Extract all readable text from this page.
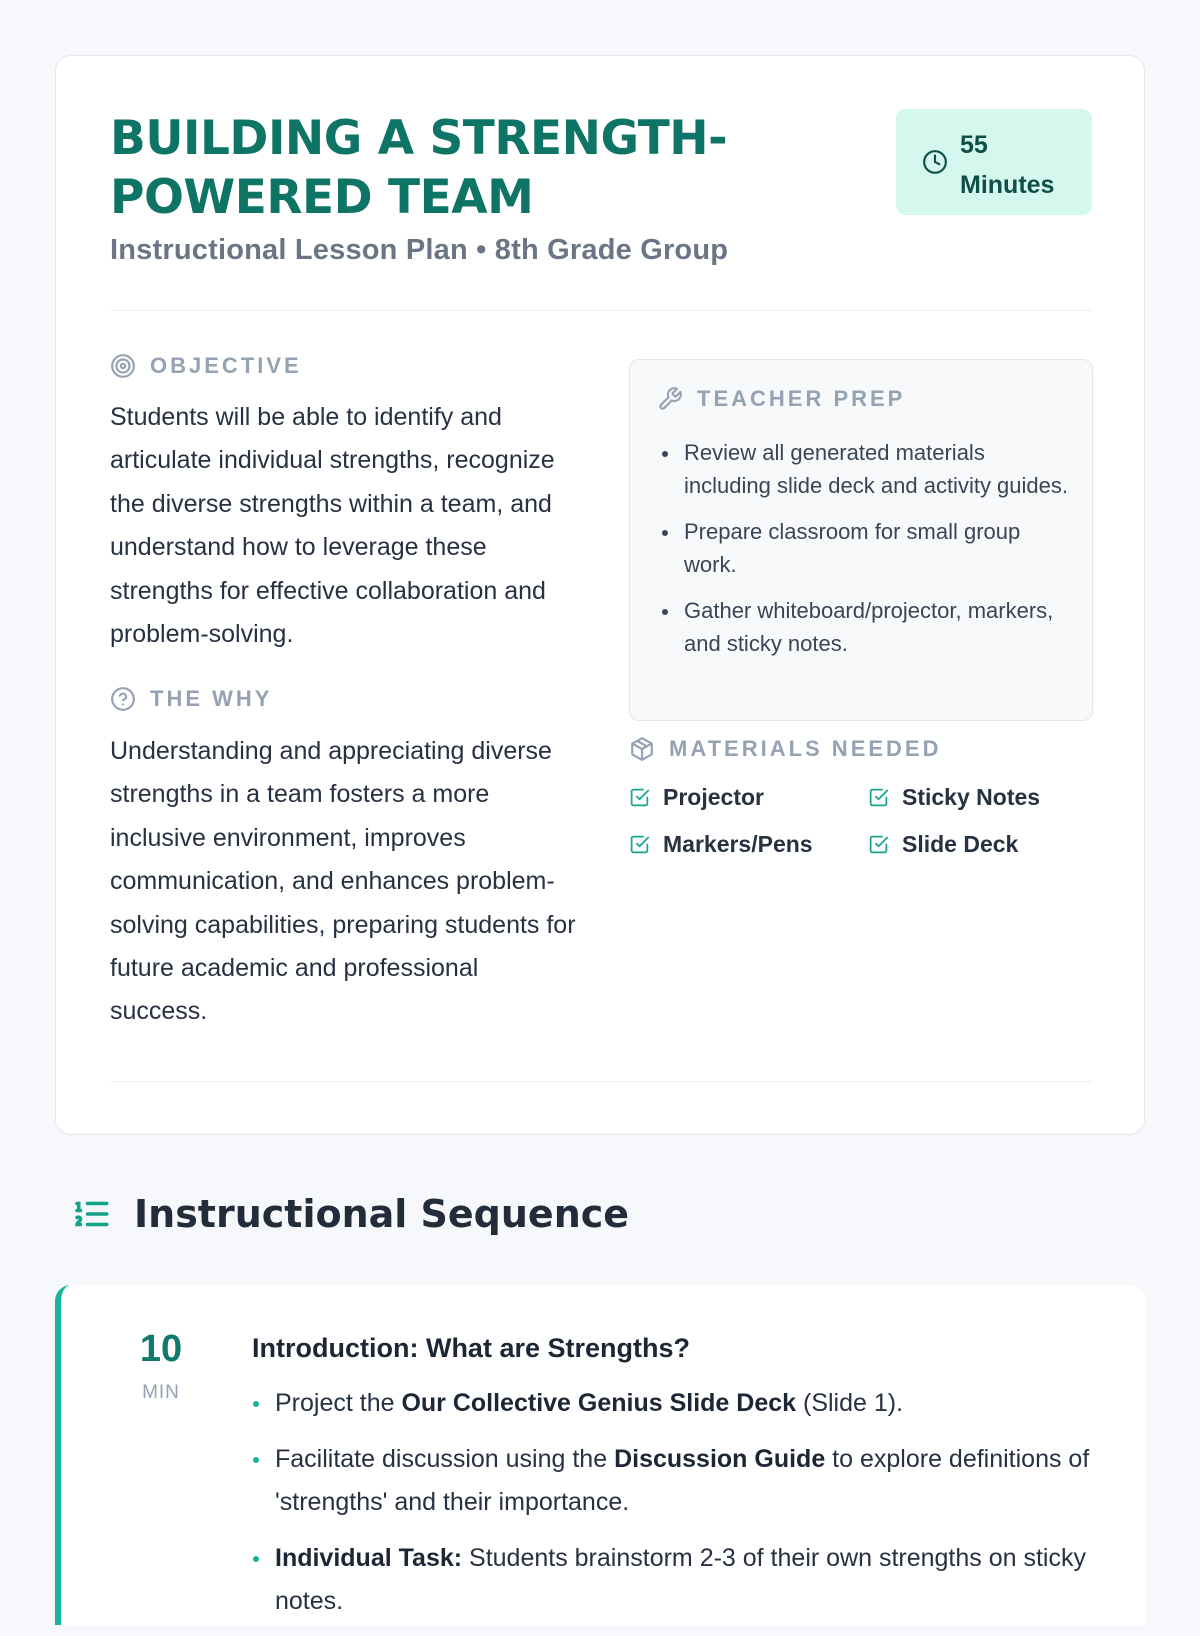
BUILDING A STRENGTH-POWERED TEAM
Instructional Lesson Plan • 8th Grade Group
55
Minutes
OBJECTIVE

Students will be able to identify and articulate individual strengths, recognize the diverse strengths within a team, and understand how to leverage these strengths for effective collaboration and problem-solving.

THE WHY

Understanding and appreciating diverse strengths in a team fosters a more inclusive environment, improves communication, and enhances problem-solving capabilities, preparing students for future academic and professional success.

TEACHER PREP
Review all generated materials including slide deck and activity guides.
Prepare classroom for small group work.
Gather whiteboard/projector, markers, and sticky notes.
MATERIALS NEEDED
Projector	Sticky Notes
Markers/Pens	Slide Deck
Instructional Sequence
10
MIN
Introduction: What are Strengths?
Project the Our Collective Genius Slide Deck (Slide 1).
Facilitate discussion using the Discussion Guide to explore definitions of 'strengths' and their importance.
Individual Task: Students brainstorm 2-3 of their own strengths on sticky notes.
